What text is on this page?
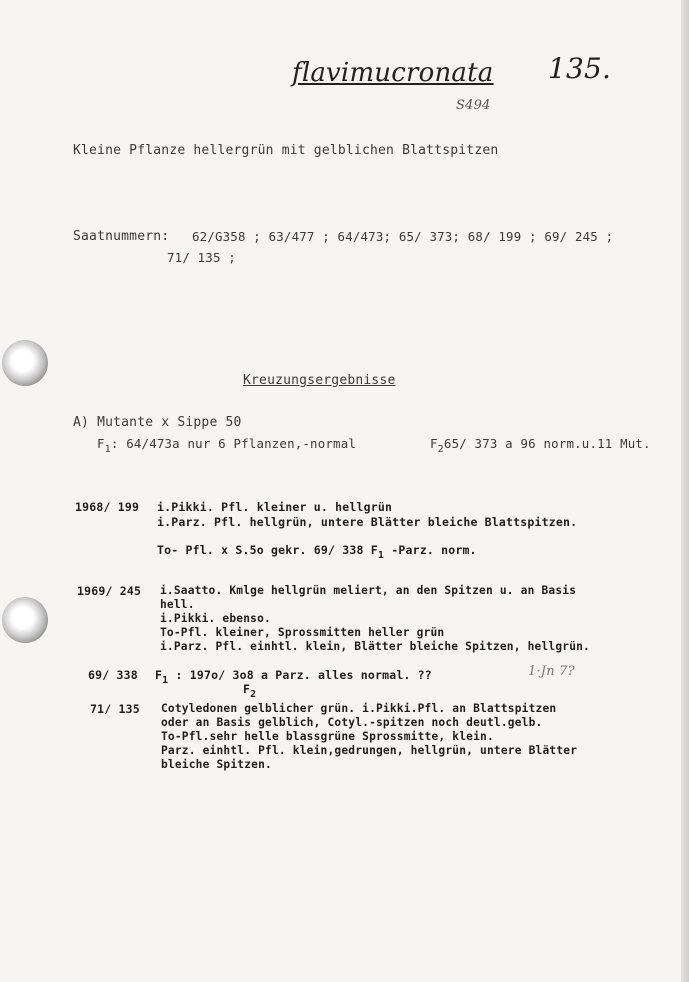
flavimucronata 135.
S494
Kleine Pflanze hellergrün mit gelblichen Blattspitzen
Saatnummern: 62/G358 ; 63/477 ; 64/473; 65/ 373; 68/ 199 ; 69/ 245 ;
71/ 135 ;
Kreuzungsergebnisse
A) Mutante x Sippe 50
$F_1$: 64/473a nur 6 Pflanzen,-normal	$F_265/$ 373 a 96 norm.u.11 Mut.
1968/ 199 i.Pikki. Pfl. kleiner u. hellgrün
i.Parz. Pfl. hellgrün, untere Blätter bleiche Blattspitzen.
To- Pfl. x S.5o gekr. 69/ 338 F1 -Parz. norm.
1969/ 245 i.Saatto. Kmlge hellgrün meliert, an den Spitzen u. an Basis
hell.
i.Pikki. ebenso.
To-Pfl. kleiner, Sprossmitten heller grün
i.Parz. Pfl. einhtl. klein, Blätter bleiche Spitzen, hellgrün.
69/ 338 F1 : 197o/ 3o8 a Parz. alles normal. ??
F2
1·Jn 7?
71/ 135 Cotyledonen gelblicher grün. i.Pikki.Pfl. an Blattspitzen
oder an Basis gelblich, Cotyl.-spitzen noch deutl.gelb.
To-Pfl.sehr helle blassgrüne Sprossmitte, klein.
Parz. einhtl. Pfl. klein,gedrungen, hellgrün, untere Blätter
bleiche Spitzen.
